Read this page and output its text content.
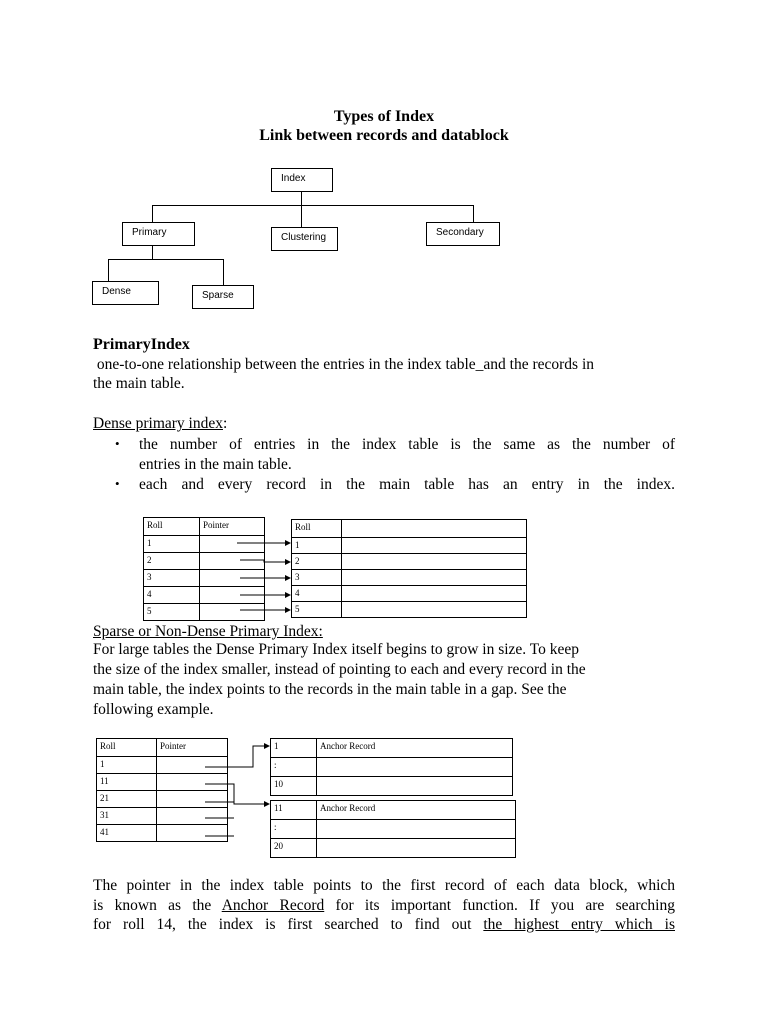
Types of Index
Link between records and datablock
Index
Primary	Clustering	Secondary
Dense	Sparse
PrimaryIndex
one-to-one relationship between the entries in the index table_and the records in
the main table.
Dense primary index:
• the number of entries in the index table is the same as the number of
entries in the main table.
• each and every record in the main table has an entry in the index.
Roll	Pointer
1	
2	
3	
4	
5	
Roll	
1	
2	
3	
4	
5	
Sparse or Non-Dense Primary Index:
For large tables the Dense Primary Index itself begins to grow in size. To keep
the size of the index smaller, instead of pointing to each and every record in the
main table, the index points to the records in the main table in a gap. See the
following example.
Roll	Pointer
1	
11	
21	
31	
41	
1	Anchor Record
:	
10	
11	Anchor Record
:	
20	
The pointer in the index table points to the first record of each data block, which
is known as the Anchor Record for its important function. If you are searching
for roll 14, the index is first searched to find out the highest entry which is
